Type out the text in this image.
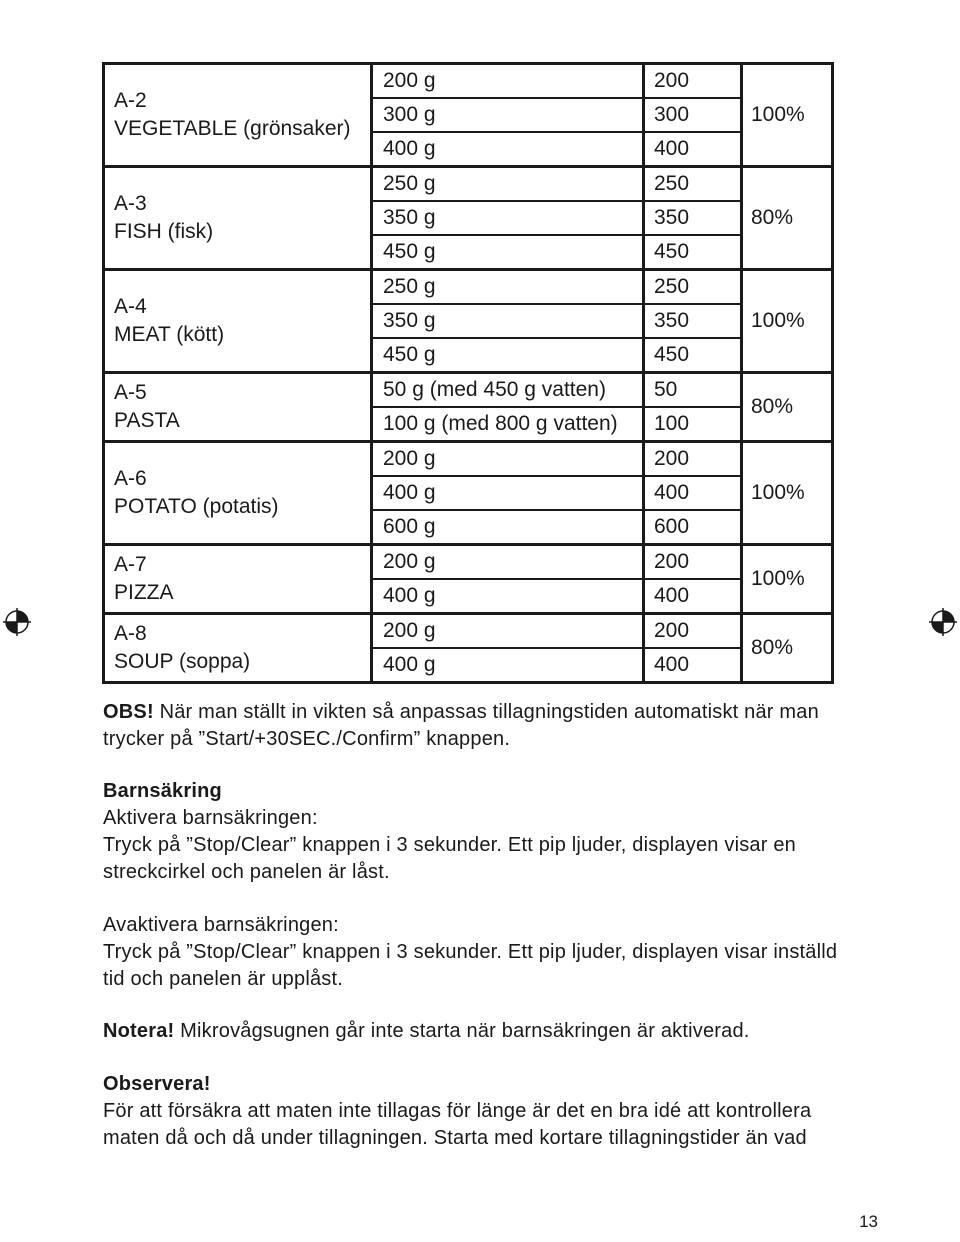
A-2
VEGETABLE (grönsaker)
200 g	200
300 g	300
400 g	400
100%
A-3
FISH (fisk)
250 g	250
350 g	350
450 g	450
80%
A-4
MEAT (kött)
250 g	250
350 g	350
450 g	450
100%
A-5
PASTA
50 g (med 450 g vatten)	50
100 g (med 800 g vatten)	100
80%
A-6
POTATO (potatis)
200 g	200
400 g	400
600 g	600
100%
A-7
PIZZA
200 g	200
400 g	400
100%
A-8
SOUP (soppa)
200 g	200
400 g	400
80%

OBS! När man ställt in vikten så anpassas tillagningstiden automatiskt när man trycker på ”Start/+30SEC./Confirm” knappen.

Barnsäkring

Aktivera barnsäkringen:

Tryck på ”Stop/Clear” knappen i 3 sekunder. Ett pip ljuder, displayen visar en streckcirkel och panelen är låst.

Avaktivera barnsäkringen:

Tryck på ”Stop/Clear” knappen i 3 sekunder. Ett pip ljuder, displayen visar inställd tid och panelen är upplåst.

Notera! Mikrovågsugnen går inte starta när barnsäkringen är aktiverad.

Observera!

För att försäkra att maten inte tillagas för länge är det en bra idé att kontrollera maten då och då under tillagningen. Starta med kortare tillagningstider än vad

13
